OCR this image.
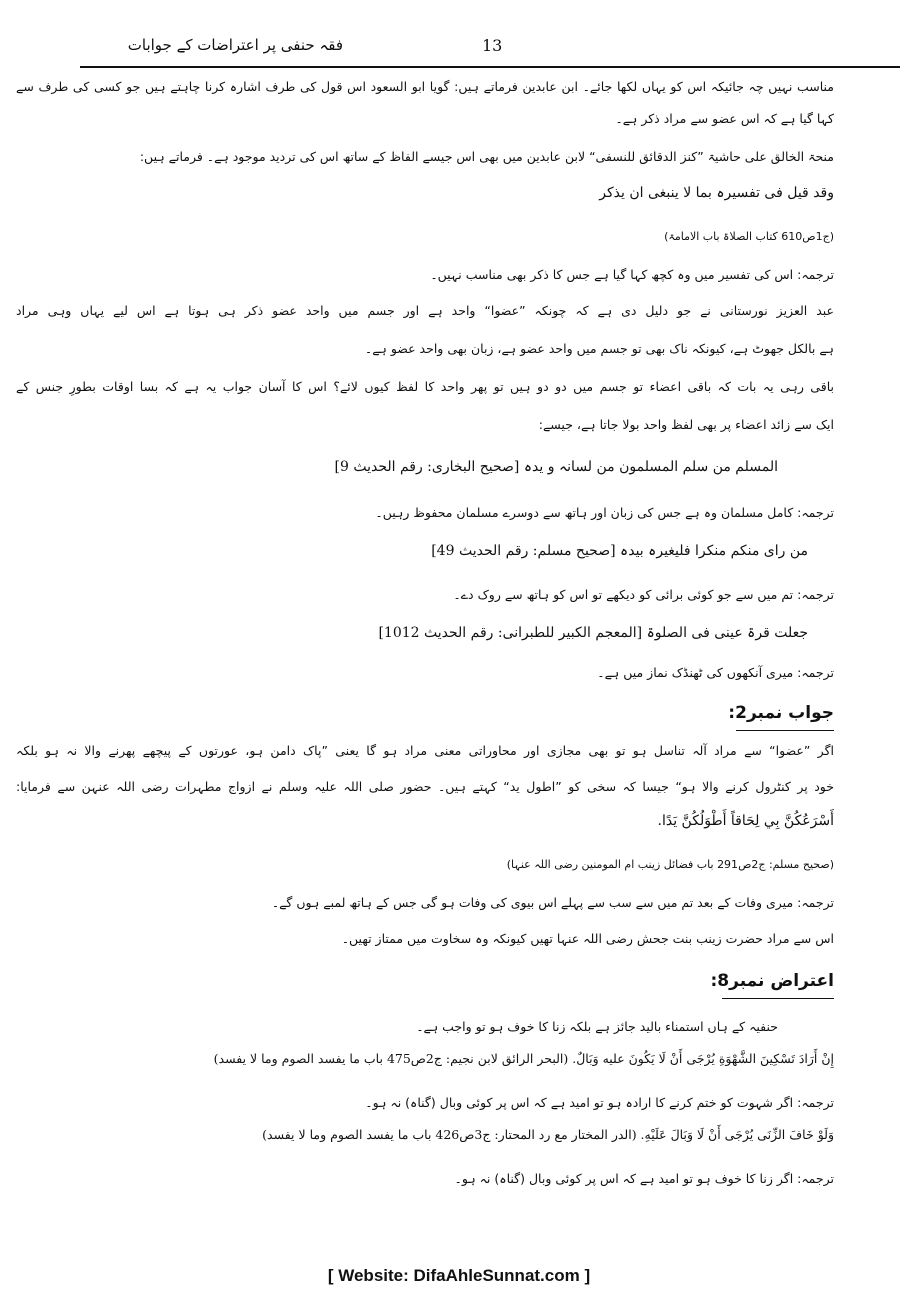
فقہ حنفی پر اعتراضات کے جوابات	13
مناسب نہیں چہ جائیکہ اس کو یہاں لکھا جائے۔ ابن عابدین فرماتے ہیں: گویا ابو السعود اس قول کی طرف اشارہ کرنا چاہتے ہیں جو کسی کی طرف سے
کہا گیا ہے کہ اس عضو سے مراد ذکر ہے۔
منحۃ الخالق علی حاشیۃ ”کنز الدقائق للنسفی“ لابن عابدین میں بھی اس جیسے الفاظ کے ساتھ اس کی تردید موجود ہے۔ فرماتے ہیں:
وقد قیل فی تفسیرہ بما لا ینبغی ان یذکر
(ج1ص610 کتاب الصلاۃ باب الامامۃ)
ترجمہ: اس کی تفسیر میں وہ کچھ کہا گیا ہے جس کا ذکر بھی مناسب نہیں۔
عبد العزیز نورستانی نے جو دلیل دی ہے کہ چونکہ ”عضوا“ واحد ہے اور جسم میں واحد عضو ذکر ہی ہوتا ہے اس لیے یہاں وہی مراد
ہے بالکل جھوٹ ہے، کیونکہ ناک بھی تو جسم میں واحد عضو ہے، زبان بھی واحد عضو ہے۔
باقی رہی یہ بات کہ باقی اعضاء تو جسم میں دو دو ہیں تو پھر واحد کا لفظ کیوں لائے؟ اس کا آسان جواب یہ ہے کہ بسا اوقات بطورِ جنس کے
ایک سے زائد اعضاء پر بھی لفظ واحد بولا جاتا ہے، جیسے:
المسلم من سلم المسلمون من لسانہ و یدہ [صحیح البخاری: رقم الحدیث 9]
ترجمہ: کامل مسلمان وہ ہے جس کی زبان اور ہاتھ سے دوسرے مسلمان محفوظ رہیں۔
من رای منکم منکرا فلیغیرہ بیدہ [صحیح مسلم: رقم الحدیث 49]
ترجمہ: تم میں سے جو کوئی برائی کو دیکھے تو اس کو ہاتھ سے روک دے۔
جعلت قرۃ عینی فی الصلوۃ [المعجم الکبیر للطبرانی: رقم الحدیث 1012]
ترجمہ: میری آنکھوں کی ٹھنڈک نماز میں ہے۔
جواب نمبر2:
اگر ”عضوا“ سے مراد آلہ تناسل ہو تو بھی مجازی اور محاوراتی معنی مراد ہو گا یعنی ”پاک دامن ہو، عورتوں کے پیچھے پھرنے والا نہ ہو بلکہ
خود پر کنٹرول کرنے والا ہو“ جیسا کہ سخی کو ”اطول ید“ کہتے ہیں۔ حضور صلی اللہ علیہ وسلم نے ازواج مطہرات رضی اللہ عنہن سے فرمایا:
أَسْرَعُكُنَّ بِي لِحَاقاً أَطْوَلُكُنَّ يَدًا.
(صحیح مسلم: ج2ص291 باب فضائل زینب ام المومنین رضی اللہ عنہا)
ترجمہ: میری وفات کے بعد تم میں سے سب سے پہلے اس بیوی کی وفات ہو گی جس کے ہاتھ لمبے ہوں گے۔
اس سے مراد حضرت زینب بنت جحش رضی اللہ عنہا تھیں کیونکہ وہ سخاوت میں ممتاز تھیں۔
اعتراض نمبر8:
حنفیہ کے ہاں استمناء بالید جائز ہے بلکہ زنا کا خوف ہو تو واجب ہے۔
إِنْ أَرَادَ تَسْكِينَ الشَّهْوَةِ يُرْجَى أَنْ لَا يَكُونَ عليه وَبَالٌ. (البحر الرائق لابن نجیم: ج2ص475 باب ما یفسد الصوم وما لا یفسد)
ترجمہ: اگر شہوت کو ختم کرنے کا ارادہ ہو تو امید ہے کہ اس پر کوئی وبال (گناہ) نہ ہو۔
وَلَوْ خَافَ الزِّنَى يُرْجَى أَنْ لَا وَبَالَ عَلَيْهِ. (الدر المختار مع رد المحتار: ج3ص426 باب ما یفسد الصوم وما لا یفسد)
ترجمہ: اگر زنا کا خوف ہو تو امید ہے کہ اس پر کوئی وبال (گناہ) نہ ہو۔
[ Website: DifaAhleSunnat.com ]
